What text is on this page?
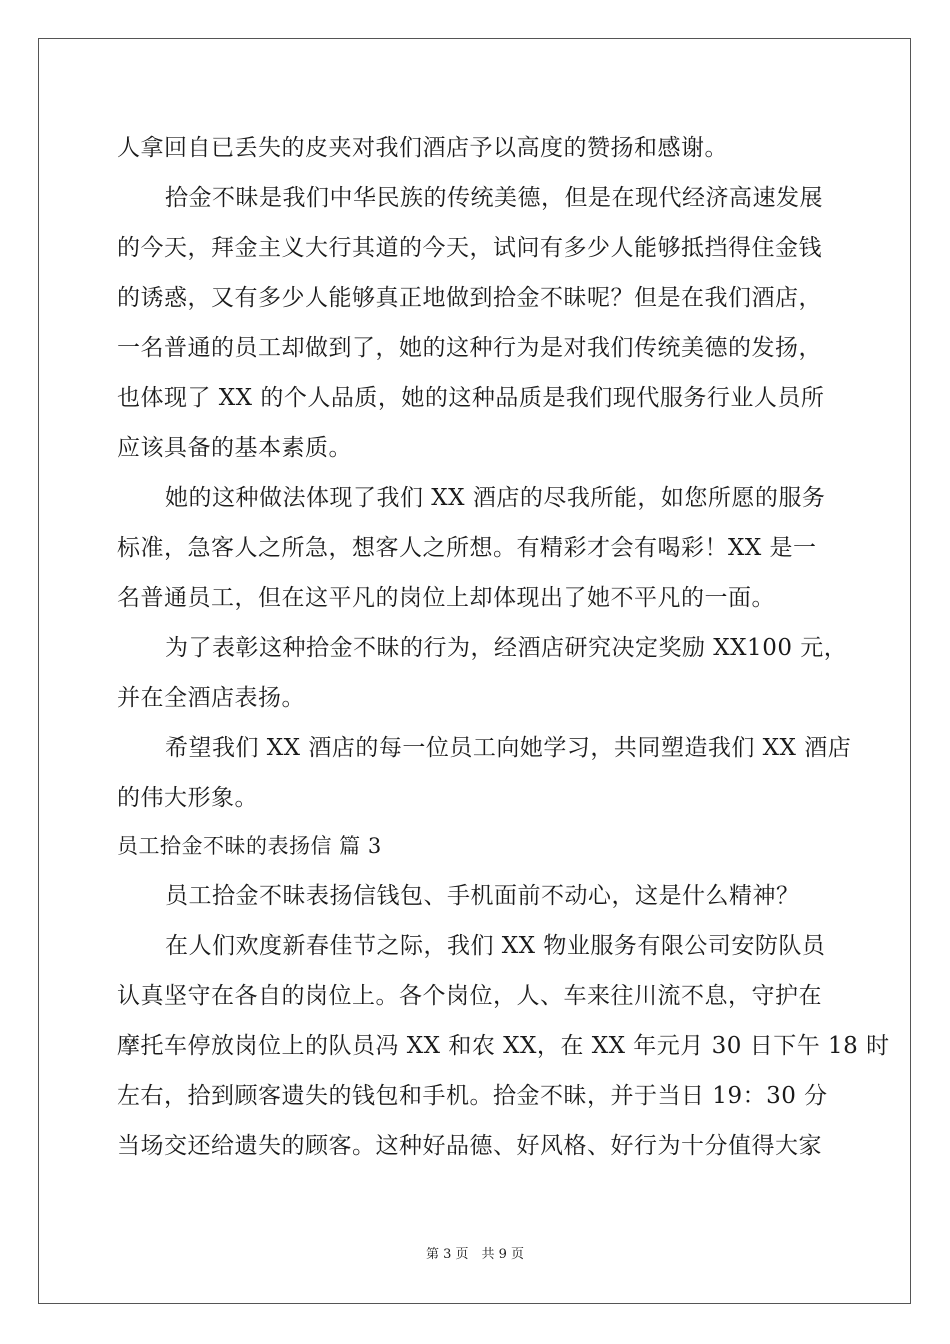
人拿回自已丢失的皮夹对我们酒店予以高度的赞扬和感谢。
拾金不昧是我们中华民族的传统美德，但是在现代经济高速发展
的今天，拜金主义大行其道的今天，试问有多少人能够抵挡得住金钱
的诱惑，又有多少人能够真正地做到拾金不昧呢？但是在我们酒店，
一名普通的员工却做到了，她的这种行为是对我们传统美德的发扬，
也体现了 XX 的个人品质，她的这种品质是我们现代服务行业人员所
应该具备的基本素质。
她的这种做法体现了我们 XX 酒店的尽我所能，如您所愿的服务
标准，急客人之所急，想客人之所想。有精彩才会有喝彩！XX 是一
名普通员工，但在这平凡的岗位上却体现出了她不平凡的一面。
为了表彰这种拾金不昧的行为，经酒店研究决定奖励 XX100 元，
并在全酒店表扬。
希望我们 XX 酒店的每一位员工向她学习，共同塑造我们 XX 酒店
的伟大形象。
员工拾金不昧的表扬信 篇 3
员工拾金不昧表扬信钱包、手机面前不动心，这是什么精神？
在人们欢度新春佳节之际，我们 XX 物业服务有限公司安防队员
认真坚守在各自的岗位上。各个岗位，人、车来往川流不息，守护在
摩托车停放岗位上的队员冯 XX 和农 XX，在 XX 年元月 30 日下午 18 时
左右，拾到顾客遗失的钱包和手机。拾金不昧，并于当日 19：30 分
当场交还给遗失的顾客。这种好品德、好风格、好行为十分值得大家
第 3 页　共 9 页
